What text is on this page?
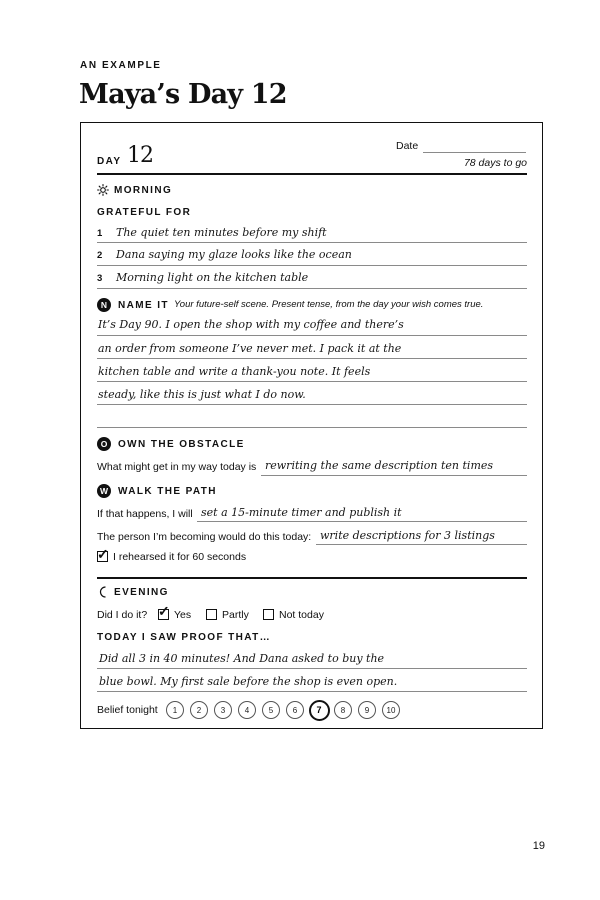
AN EXAMPLE
Maya’s Day 12
DAY 12	Date
78 days to go
MORNING
GRATEFUL FOR
1 The quiet ten minutes before my shift
2 Dana saying my glaze looks like the ocean
3 Morning light on the kitchen table
N	NAME IT Your future-self scene. Present tense, from the day your wish comes true.
It’s Day 90. I open the shop with my coffee and there’s
an order from someone I’ve never met. I pack it at the
kitchen table and write a thank-you note. It feels
steady, like this is just what I do now.
O	OWN THE OBSTACLE
What might get in my way today is rewriting the same description ten times
W WALK THE PATH
If that happens, I will set a 15-minute timer and publish it
The person I’m becoming would do this today: write descriptions for 3 listings
✓ I rehearsed it for 60 seconds
EVENING
Did I do it? ✓ Yes	Partly	Not today
TODAY I SAW PROOF THAT…
Did all 3 in 40 minutes! And Dana asked to buy the
blue bowl. My first sale before the shop is even open.
Belief tonight	1	2	3	4	5	6	7	8	9	10
19
